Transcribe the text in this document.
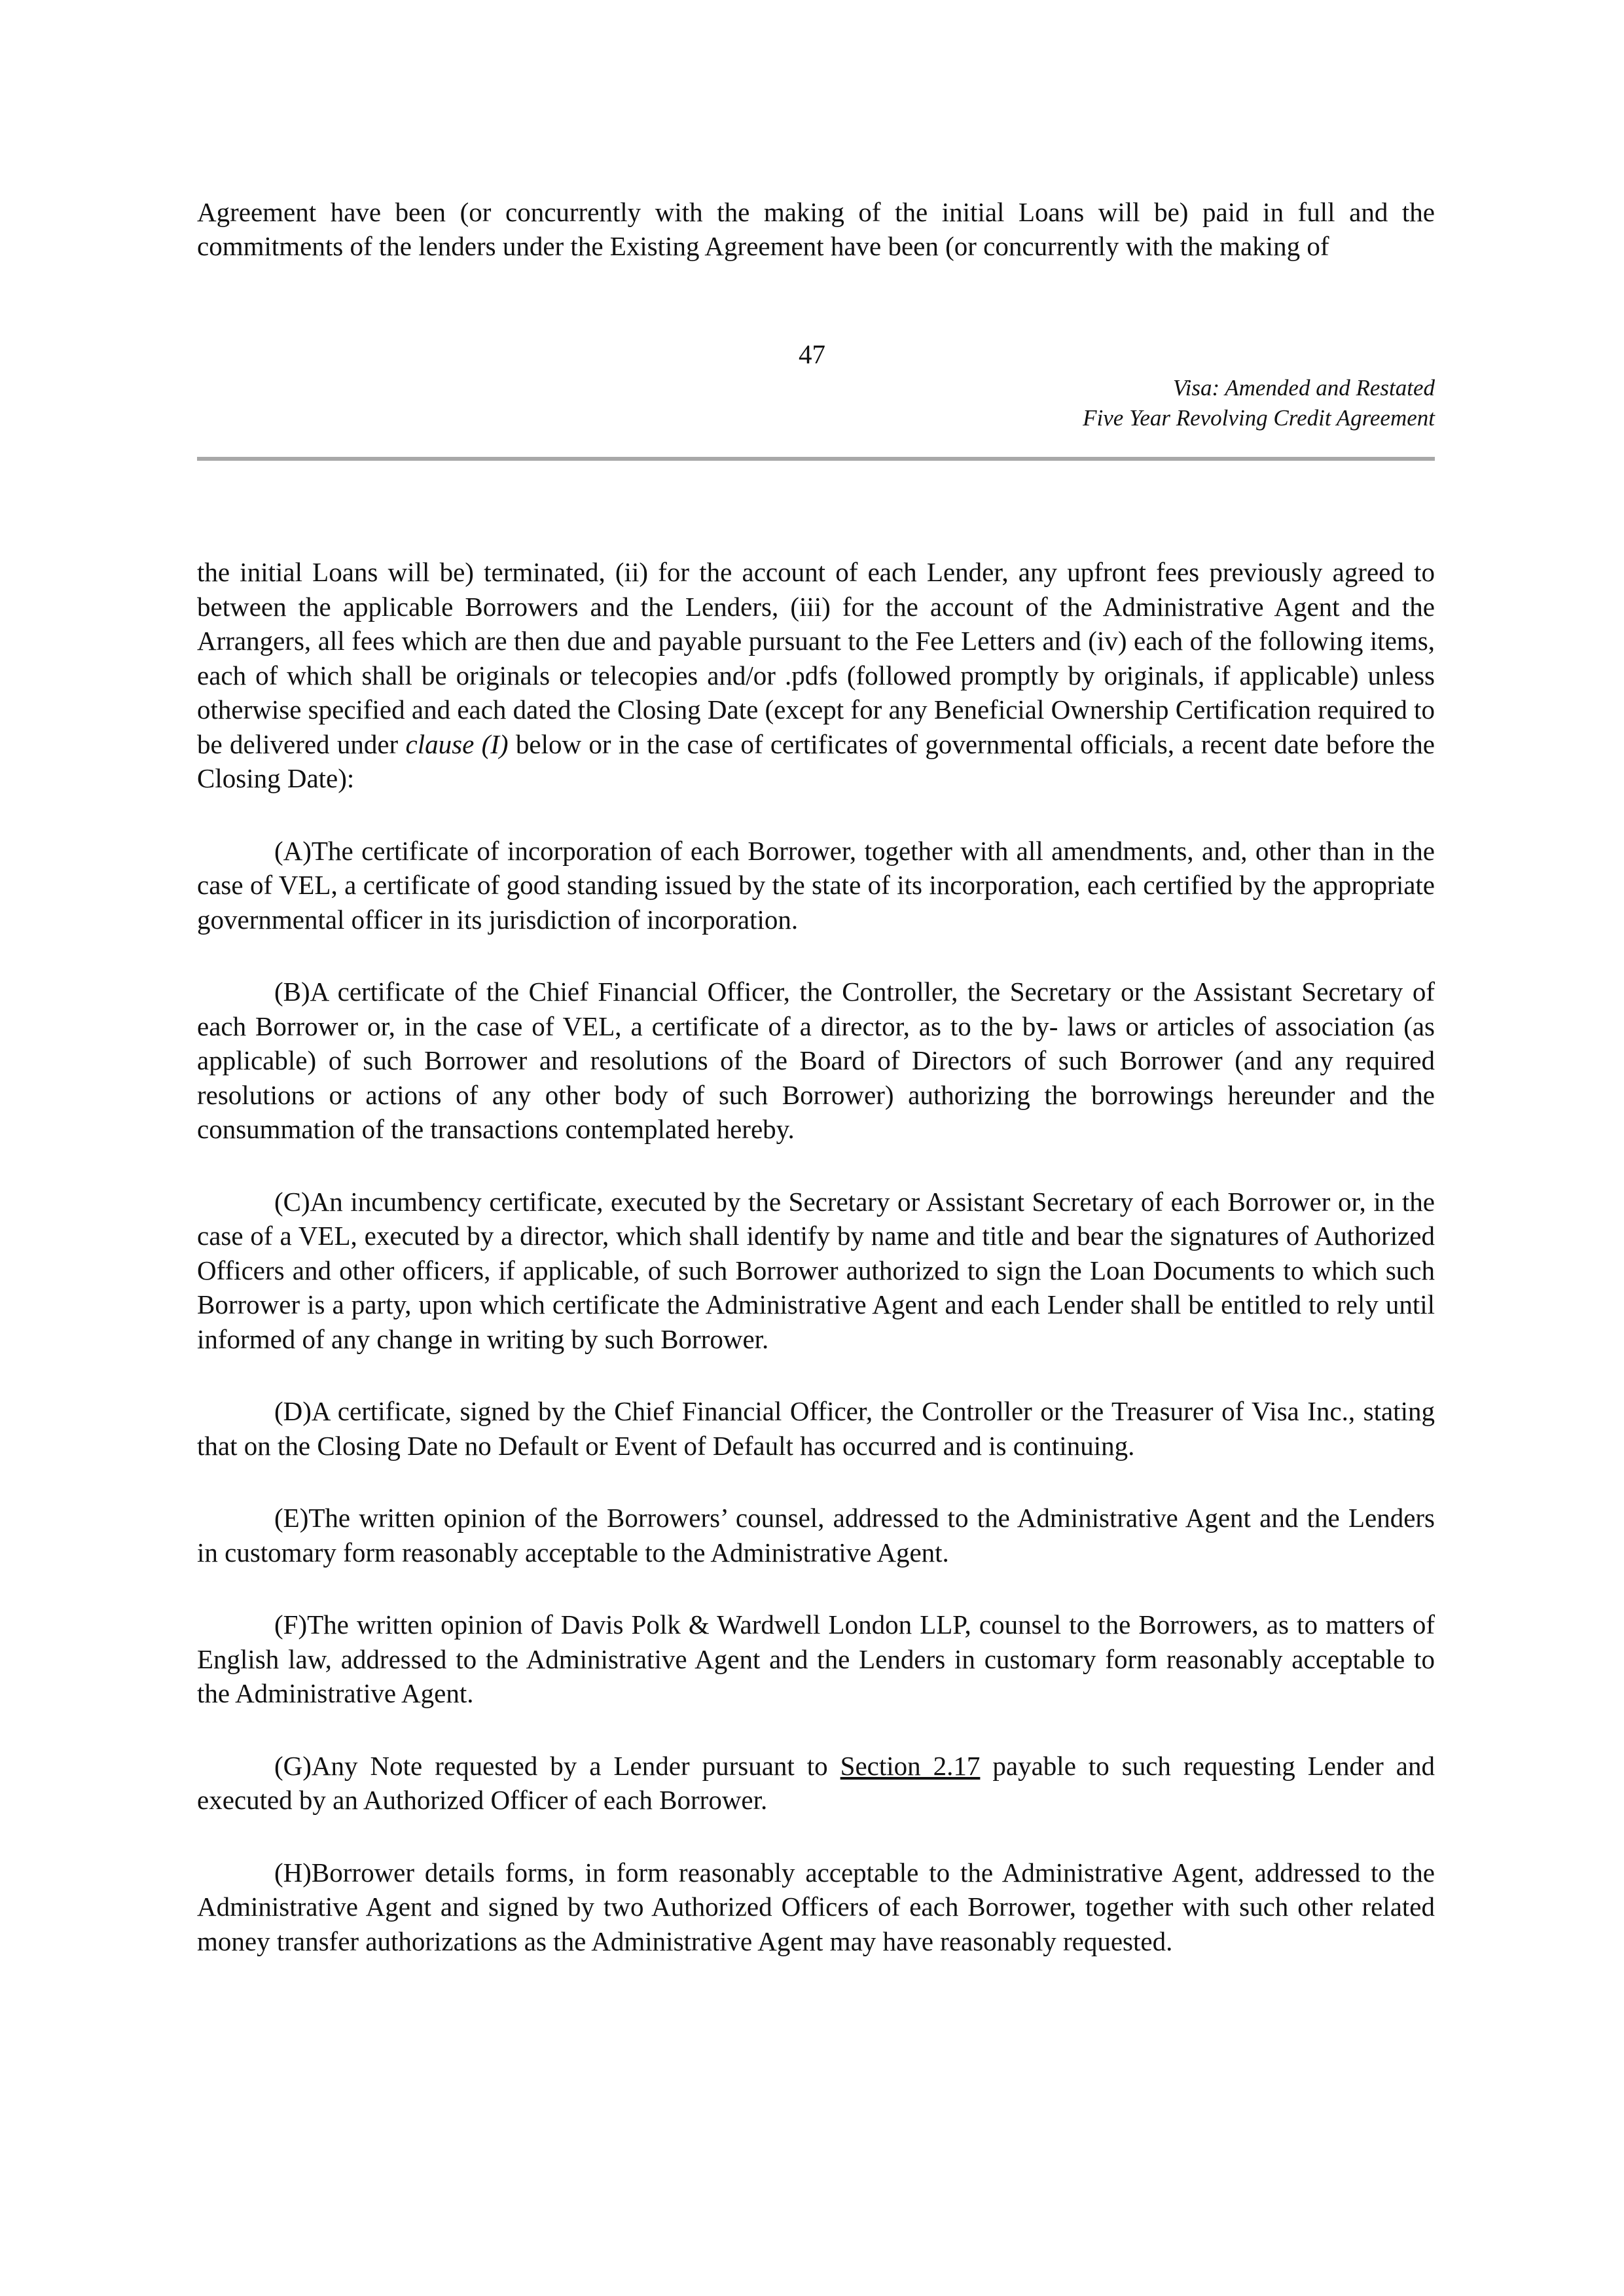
Agreement have been (or concurrently with the making of the initial Loans will be) paid in full and the commitments of the lenders under the Existing Agreement have been (or concurrently with the making of

47
Visa: Amended and Restated
Five Year Revolving Credit Agreement

the initial Loans will be) terminated, (ii) for the account of each Lender, any upfront fees previously agreed to between the applicable Borrowers and the Lenders, (iii) for the account of the Administrative Agent and the Arrangers, all fees which are then due and payable pursuant to the Fee Letters and (iv) each of the following items, each of which shall be originals or telecopies and/or .pdfs (followed promptly by originals, if applicable) unless otherwise specified and each dated the Closing Date (except for any Beneficial Ownership Certification required to be delivered under clause (I) below or in the case of certificates of governmental officials, a recent date before the Closing Date):

(A)The certificate of incorporation of each Borrower, together with all amendments, and, other than in the case of VEL, a certificate of good standing issued by the state of its incorporation, each certified by the appropriate governmental officer in its jurisdiction of incorporation.

(B)A certificate of the Chief Financial Officer, the Controller, the Secretary or the Assistant Secretary of each Borrower or, in the case of VEL, a certificate of a director, as to the by- laws or articles of association (as applicable) of such Borrower and resolutions of the Board of Directors of such Borrower (and any required resolutions or actions of any other body of such Borrower) authorizing the borrowings hereunder and the consummation of the transactions contemplated hereby.

(C)An incumbency certificate, executed by the Secretary or Assistant Secretary of each Borrower or, in the case of a VEL, executed by a director, which shall identify by name and title and bear the signatures of Authorized Officers and other officers, if applicable, of such Borrower authorized to sign the Loan Documents to which such Borrower is a party, upon which certificate the Administrative Agent and each Lender shall be entitled to rely until informed of any change in writing by such Borrower.

(D)A certificate, signed by the Chief Financial Officer, the Controller or the Treasurer of Visa Inc., stating that on the Closing Date no Default or Event of Default has occurred and is continuing.

(E)The written opinion of the Borrowers’ counsel, addressed to the Administrative Agent and the Lenders in customary form reasonably acceptable to the Administrative Agent.

(F)The written opinion of Davis Polk & Wardwell London LLP, counsel to the Borrowers, as to matters of English law, addressed to the Administrative Agent and the Lenders in customary form reasonably acceptable to the Administrative Agent.

(G)Any Note requested by a Lender pursuant to Section 2.17 payable to such requesting Lender and executed by an Authorized Officer of each Borrower.

(H)Borrower details forms, in form reasonably acceptable to the Administrative Agent, addressed to the Administrative Agent and signed by two Authorized Officers of each Borrower, together with such other related money transfer authorizations as the Administrative Agent may have reasonably requested.
